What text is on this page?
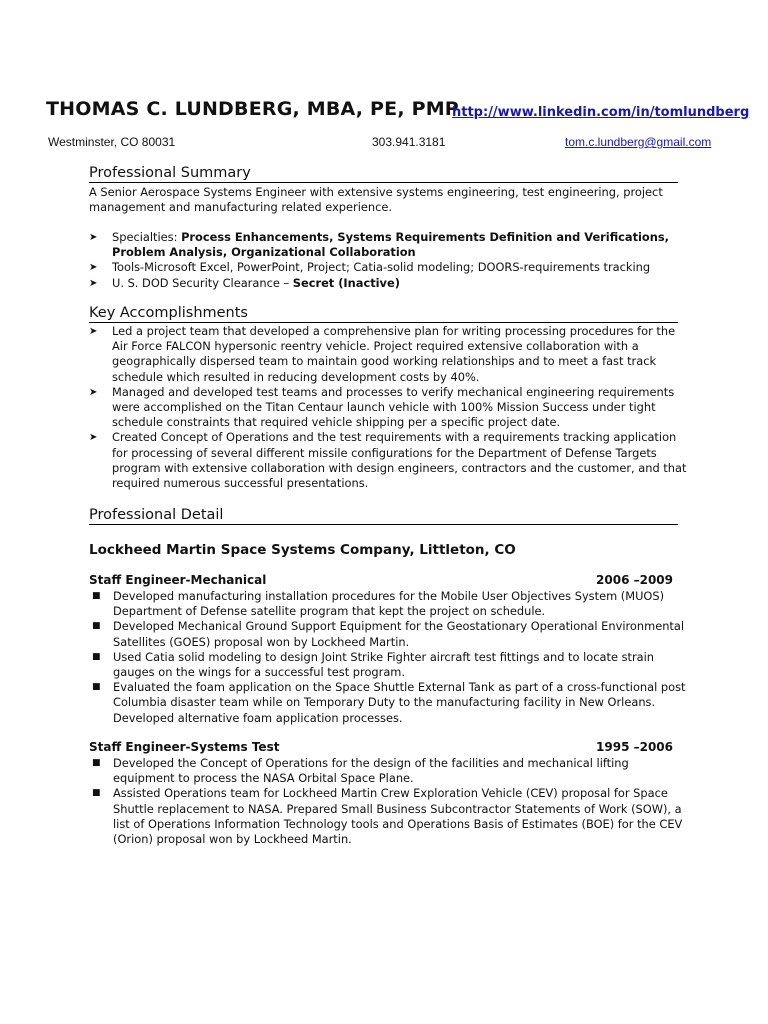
THOMAS C. LUNDBERG, MBA, PE, PMP
http://www.linkedin.com/in/tomlundberg
Westminster, CO 80031	303.941.3181	tom.c.lundberg@gmail.com
Professional Summary
A Senior Aerospace Systems Engineer with extensive systems engineering, test engineering, project management and manufacturing related experience.
➤ Specialties: Process Enhancements, Systems Requirements Definition and Verifications, Problem Analysis, Organizational Collaboration
➤ Tools-Microsoft Excel, PowerPoint, Project; Catia-solid modeling; DOORS-requirements tracking
➤ U. S. DOD Security Clearance – Secret (Inactive)
Key Accomplishments
➤ Led a project team that developed a comprehensive plan for writing processing procedures for the Air Force FALCON hypersonic reentry vehicle. Project required extensive collaboration with a geographically dispersed team to maintain good working relationships and to meet a fast track schedule which resulted in reducing development costs by 40%.
➤ Managed and developed test teams and processes to verify mechanical engineering requirements were accomplished on the Titan Centaur launch vehicle with 100% Mission Success under tight schedule constraints that required vehicle shipping per a specific project date.
➤ Created Concept of Operations and the test requirements with a requirements tracking application for processing of several different missile configurations for the Department of Defense Targets program with extensive collaboration with design engineers, contractors and the customer, and that required numerous successful presentations.
Professional Detail
Lockheed Martin Space Systems Company, Littleton, CO
Staff Engineer-Mechanical	2006 –2009
■ Developed manufacturing installation procedures for the Mobile User Objectives System (MUOS) Department of Defense satellite program that kept the project on schedule.
■ Developed Mechanical Ground Support Equipment for the Geostationary Operational Environmental Satellites (GOES) proposal won by Lockheed Martin.
■ Used Catia solid modeling to design Joint Strike Fighter aircraft test fittings and to locate strain gauges on the wings for a successful test program.
■ Evaluated the foam application on the Space Shuttle External Tank as part of a cross-functional post Columbia disaster team while on Temporary Duty to the manufacturing facility in New Orleans. Developed alternative foam application processes.
Staff Engineer-Systems Test	1995 –2006
■ Developed the Concept of Operations for the design of the facilities and mechanical lifting equipment to process the NASA Orbital Space Plane.
■ Assisted Operations team for Lockheed Martin Crew Exploration Vehicle (CEV) proposal for Space Shuttle replacement to NASA. Prepared Small Business Subcontractor Statements of Work (SOW), a list of Operations Information Technology tools and Operations Basis of Estimates (BOE) for the CEV (Orion) proposal won by Lockheed Martin.
